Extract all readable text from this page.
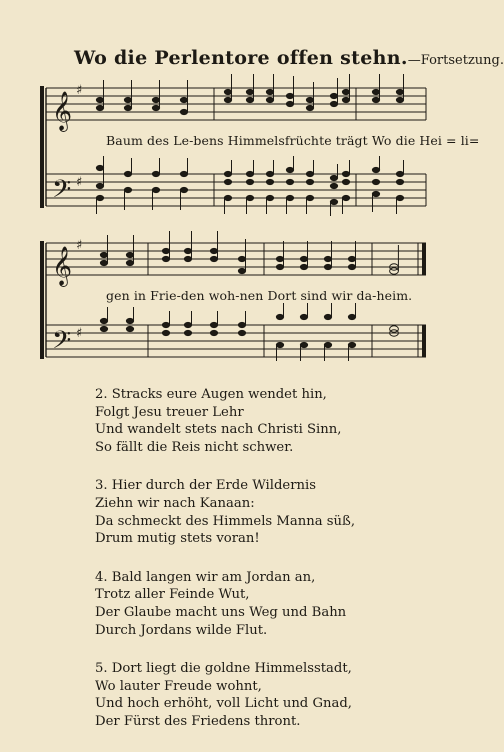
Wo die Perlentore offen stehn.—Fortsetzung.
𝄞
𝄢
♯
♯
Baum des Le-bens Himmelsfrüchte trägt Wo die Hei = li=
𝄞
𝄢
♯
♯
gen in Frie-den woh-nen Dort sind wir da-heim.
2. Stracks eure Augen wendet hin,
Folgt Jesu treuer Lehr
Und wandelt stets nach Christi Sinn,
So fällt die Reis nicht schwer.
3. Hier durch der Erde Wildernis
Ziehn wir nach Kanaan:
Da schmeckt des Himmels Manna süß,
Drum mutig stets voran!
4. Bald langen wir am Jordan an,
Trotz aller Feinde Wut,
Der Glaube macht uns Weg und Bahn
Durch Jordans wilde Flut.
5. Dort liegt die goldne Himmelsstadt,
Wo lauter Freude wohnt,
Und hoch erhöht, voll Licht und Gnad,
Der Fürst des Friedens thront.
